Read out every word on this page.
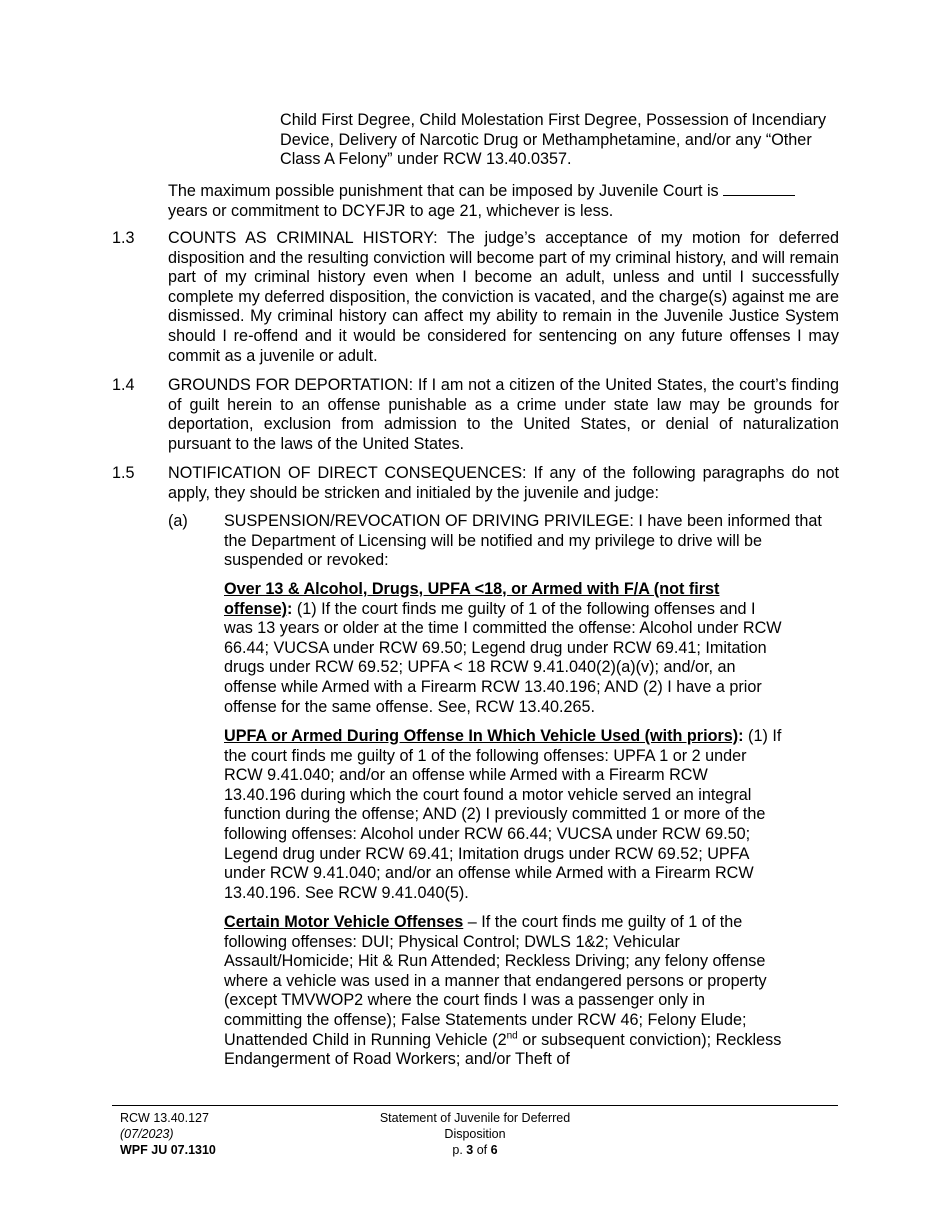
Child First Degree, Child Molestation First Degree, Possession of Incendiary Device, Delivery of Narcotic Drug or Methamphetamine, and/or any “Other Class A Felony” under RCW 13.40.0357.

The maximum possible punishment that can be imposed by Juvenile Court is
years or commitment to DCYFJR to age 21, whichever is less.

1.3 COUNTS AS CRIMINAL HISTORY: The judge’s acceptance of my motion for deferred disposition and the resulting conviction will become part of my criminal history, and will remain part of my criminal history even when I become an adult, unless and until I successfully complete my deferred disposition, the conviction is vacated, and the charge(s) against me are dismissed. My criminal history can affect my ability to remain in the Juvenile Justice System should I re-offend and it would be considered for sentencing on any future offenses I may commit as a juvenile or adult.

1.4 GROUNDS FOR DEPORTATION: If I am not a citizen of the United States, the court’s finding of guilt herein to an offense punishable as a crime under state law may be grounds for deportation, exclusion from admission to the United States, or denial of naturalization pursuant to the laws of the United States.

1.5 NOTIFICATION OF DIRECT CONSEQUENCES: If any of the following paragraphs do not apply, they should be stricken and initialed by the juvenile and judge:

(a) SUSPENSION/REVOCATION OF DRIVING PRIVILEGE: I have been informed that the Department of Licensing will be notified and my privilege to drive will be suspended or revoked:

Over 13 & Alcohol, Drugs, UPFA <18, or Armed with F/A (not first offense): (1) If the court finds me guilty of 1 of the following offenses and I was 13 years or older at the time I committed the offense: Alcohol under RCW 66.44; VUCSA under RCW 69.50; Legend drug under RCW 69.41; Imitation drugs under RCW 69.52; UPFA < 18 RCW 9.41.040(2)(a)(v); and/or, an offense while Armed with a Firearm RCW 13.40.196; AND (2) I have a prior offense for the same offense. See, RCW 13.40.265.

UPFA or Armed During Offense In Which Vehicle Used (with priors): (1) If the court finds me guilty of 1 of the following offenses: UPFA 1 or 2 under RCW 9.41.040; and/or an offense while Armed with a Firearm RCW 13.40.196 during which the court found a motor vehicle served an integral function during the offense; AND (2) I previously committed 1 or more of the following offenses: Alcohol under RCW 66.44; VUCSA under RCW 69.50; Legend drug under RCW 69.41; Imitation drugs under RCW 69.52; UPFA under RCW 9.41.040; and/or an offense while Armed with a Firearm RCW 13.40.196. See RCW 9.41.040(5).

Certain Motor Vehicle Offenses – If the court finds me guilty of 1 of the following offenses: DUI; Physical Control; DWLS 1&2; Vehicular Assault/Homicide; Hit & Run Attended; Reckless Driving; any felony offense where a vehicle was used in a manner that endangered persons or property (except TMVWOP2 where the court finds I was a passenger only in committing the offense); False Statements under RCW 46; Felony Elude; Unattended Child in Running Vehicle (2nd or subsequent conviction); Reckless Endangerment of Road Workers; and/or Theft of

RCW 13.40.127
(07/2023)
WPF JU 07.1310
Statement of Juvenile for Deferred
Disposition
p. 3 of 6
